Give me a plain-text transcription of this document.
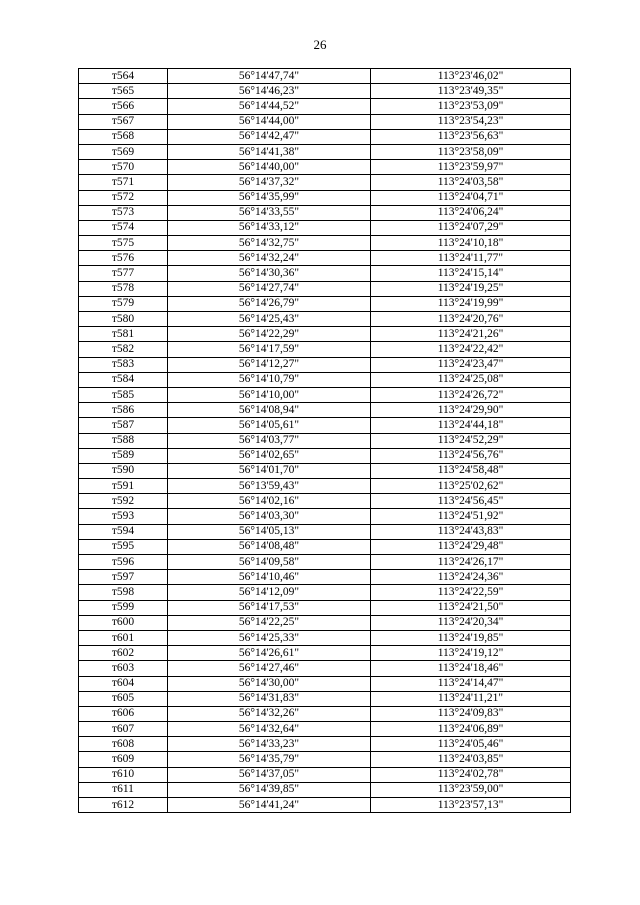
26
т564	56°14'47,74"	113°23'46,02"
т565	56°14'46,23"	113°23'49,35"
т566	56°14'44,52"	113°23'53,09"
т567	56°14'44,00"	113°23'54,23"
т568	56°14'42,47"	113°23'56,63"
т569	56°14'41,38"	113°23'58,09"
т570	56°14'40,00"	113°23'59,97"
т571	56°14'37,32"	113°24'03,58"
т572	56°14'35,99"	113°24'04,71"
т573	56°14'33,55"	113°24'06,24"
т574	56°14'33,12"	113°24'07,29"
т575	56°14'32,75"	113°24'10,18"
т576	56°14'32,24"	113°24'11,77"
т577	56°14'30,36"	113°24'15,14"
т578	56°14'27,74"	113°24'19,25"
т579	56°14'26,79"	113°24'19,99"
т580	56°14'25,43"	113°24'20,76"
т581	56°14'22,29"	113°24'21,26"
т582	56°14'17,59"	113°24'22,42"
т583	56°14'12,27"	113°24'23,47"
т584	56°14'10,79"	113°24'25,08"
т585	56°14'10,00"	113°24'26,72"
т586	56°14'08,94"	113°24'29,90"
т587	56°14'05,61"	113°24'44,18"
т588	56°14'03,77"	113°24'52,29"
т589	56°14'02,65"	113°24'56,76"
т590	56°14'01,70"	113°24'58,48"
т591	56°13'59,43"	113°25'02,62"
т592	56°14'02,16"	113°24'56,45"
т593	56°14'03,30"	113°24'51,92"
т594	56°14'05,13"	113°24'43,83"
т595	56°14'08,48"	113°24'29,48"
т596	56°14'09,58"	113°24'26,17"
т597	56°14'10,46"	113°24'24,36"
т598	56°14'12,09"	113°24'22,59"
т599	56°14'17,53"	113°24'21,50"
т600	56°14'22,25"	113°24'20,34"
т601	56°14'25,33"	113°24'19,85"
т602	56°14'26,61"	113°24'19,12"
т603	56°14'27,46"	113°24'18,46"
т604	56°14'30,00"	113°24'14,47"
т605	56°14'31,83"	113°24'11,21"
т606	56°14'32,26"	113°24'09,83"
т607	56°14'32,64"	113°24'06,89"
т608	56°14'33,23"	113°24'05,46"
т609	56°14'35,79"	113°24'03,85"
т610	56°14'37,05"	113°24'02,78"
т611	56°14'39,85"	113°23'59,00"
т612	56°14'41,24"	113°23'57,13"
